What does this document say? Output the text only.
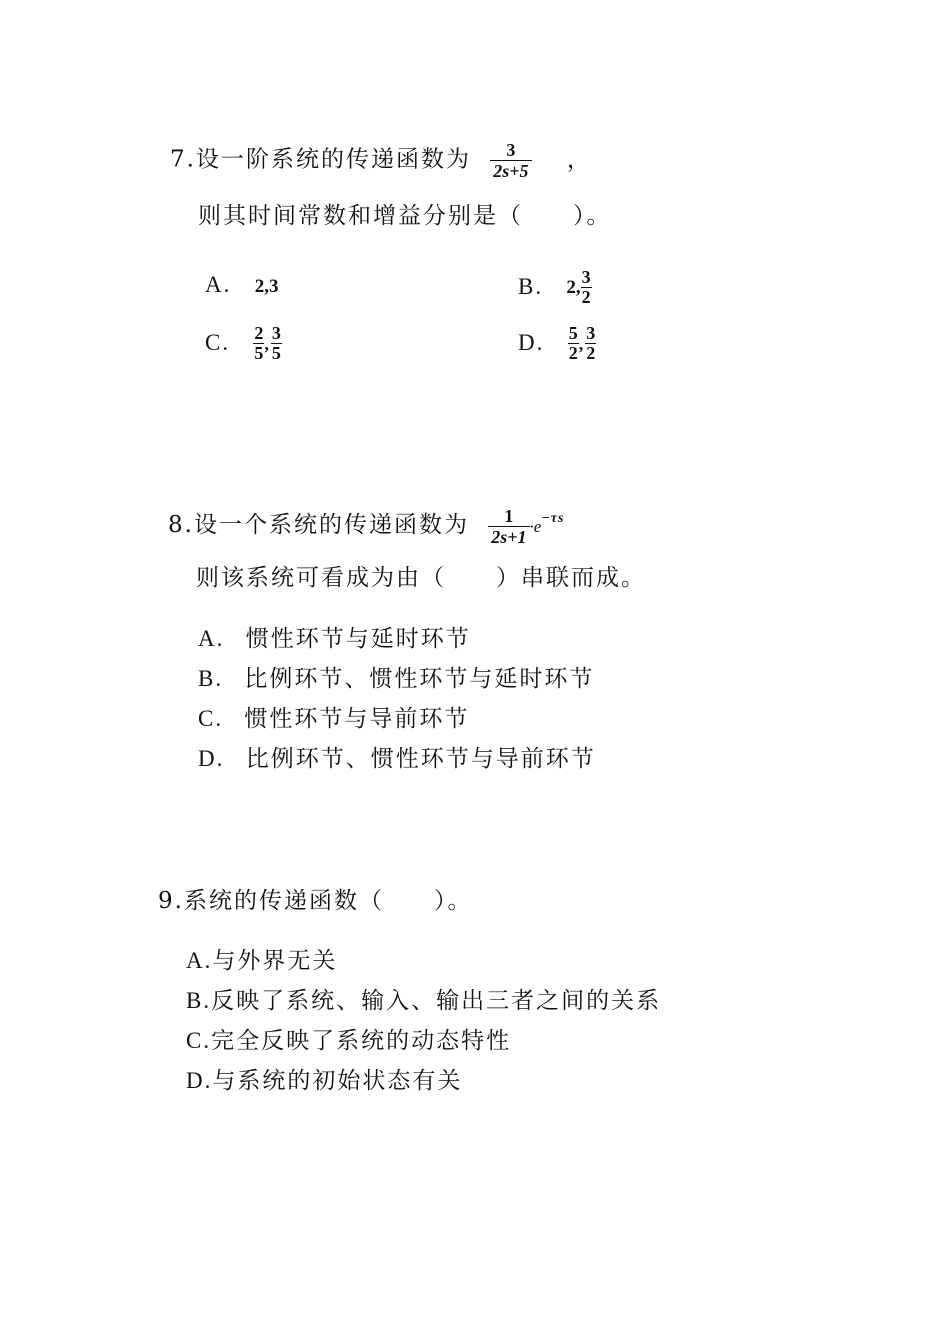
7.设一阶系统的传递函数为 $\frac{3}{2s+5}$ ，
则其时间常数和增益分别是（　　）。
A. 2,3	B. 2, $\frac{3}{2}$
C. $\frac{2}{5}$ , $\frac{3}{5}$	D. $\frac{5}{2}$ , $\frac{3}{2}$
8.设一个系统的传递函数为 $\frac{1}{2s+1} \cdot e^{-\tau s}$
则该系统可看成为由（　　）串联而成。
A. 惯性环节与延时环节
B. 比例环节、惯性环节与延时环节
C. 惯性环节与导前环节
D. 比例环节、惯性环节与导前环节
9.系统的传递函数（　　）。
A.与外界无关
B.反映了系统、输入、输出三者之间的关系
C.完全反映了系统的动态特性
D.与系统的初始状态有关
